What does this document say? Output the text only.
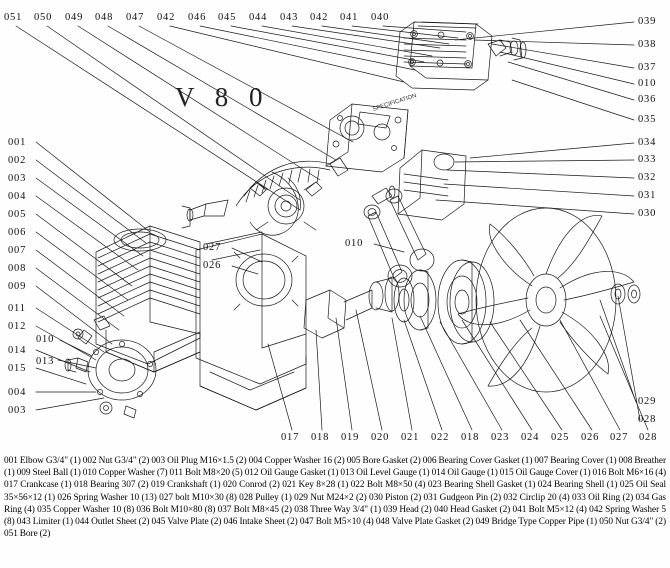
V 8 0	SPECIFICATION
051 050 049 048 047 042 046 045 044 043 042 041 040	039
038
037
010
036
035
034
033
032
031
030
029
028
001
002
003
004
005
006
007
008
009
011
012
014
015
004
003
010
013
027
026
010
017 018 019 020 021 022 018 023 024 025 026 027 028
001 Elbow G3/4" (1) 002 Nut G3/4" (2) 003 Oil Plug M16×1.5 (2) 004 Copper Washer 16 (2) 005 Bore Gasket (2) 006 Bearing Cover Gasket (1) 007 Bearing Cover (1) 008 Breather (1) 009 Steel Ball (1) 010 Copper Washer (7) 011 Bolt M8×20 (5) 012 Oil Gauge Gasket (1) 013 Oil Level Gauge (1) 014 Oil Gauge (1) 015 Oil Gauge Cover (1) 016 Bolt M6×16 (4) 017 Crankcase (1) 018 Bearing 307 (2) 019 Crankshaft (1) 020 Conrod (2) 021 Key 8×28 (1) 022 Bolt M8×50 (4) 023 Bearing Shell Gasket (1) 024 Bearing Shell (1) 025 Oil Seal 35×56×12 (1) 026 Spring Washer 10 (13) 027 bolt M10×30 (8) 028 Pulley (1) 029 Nut M24×2 (2) 030 Piston (2) 031 Gudgeon Pin (2) 032 Circlip 20 (4) 033 Oil Ring (2) 034 Gas Ring (4) 035 Copper Washer 10 (8) 036 Bolt M10×80 (8) 037 Bolt M8×45 (2) 038 Three Way 3/4" (1) 039 Head (2) 040 Head Gasket (2) 041 Bolt M5×12 (4) 042 Spring Washer 5 (8) 043 Limiter (1) 044 Outlet Sheet (2) 045 Valve Plate (2) 046 Intake Sheet (2) 047 Bolt M5×10 (4) 048 Valve Plate Gasket (2) 049 Bridge Type Copper Pipe (1) 050 Nut G3/4" (2) 051 Bore (2)
